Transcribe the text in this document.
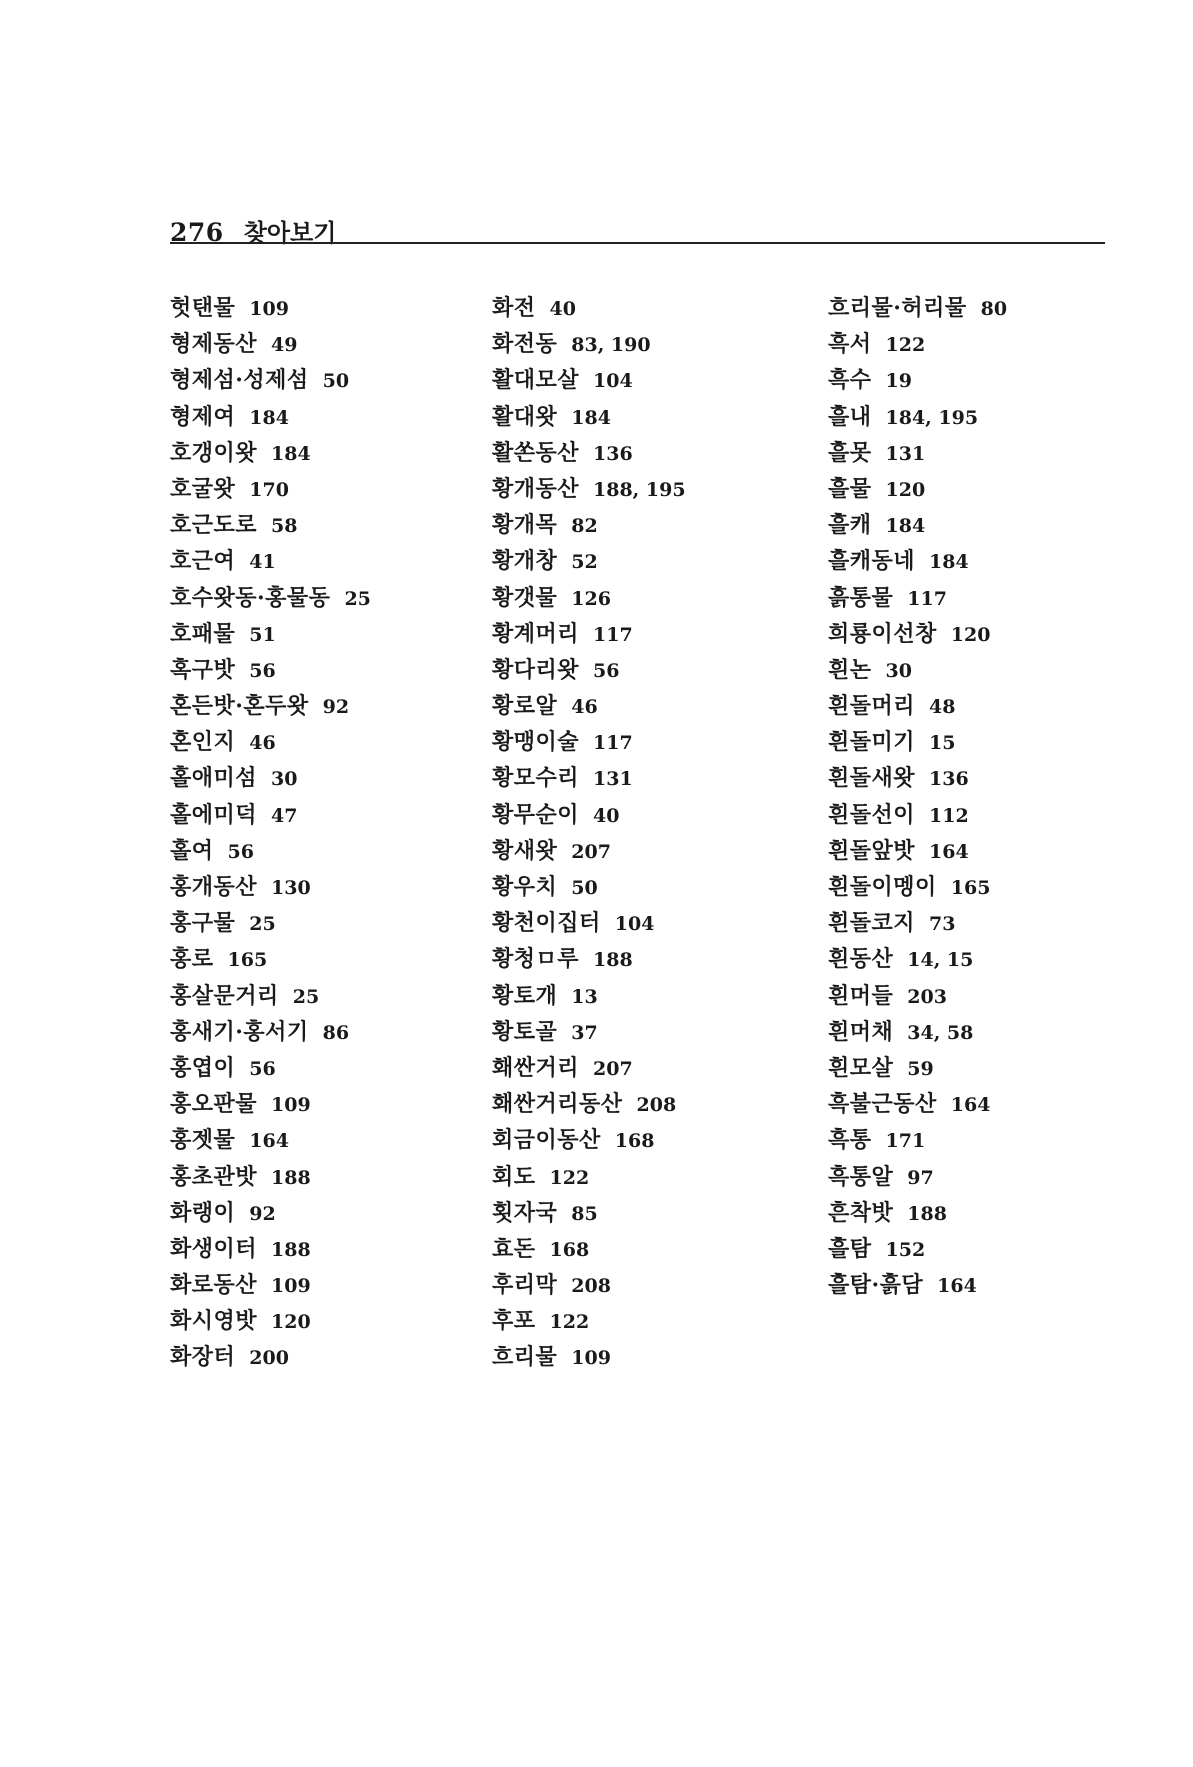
276 찾아보기
헛탠물 109
형제동산 49
형제섬·성제섬 50
형제여 184
호갱이왓 184
호굴왓 170
호근도로 58
호근여 41
호수왓동·홍물동 25
호패물 51
혹구밧 56
혼든밧·혼두왓 92
혼인지 46
홀애미섬 30
홀에미덕 47
홀여 56
홍개동산 130
홍구물 25
홍로 165
홍살문거리 25
홍새기·홍서기 86
홍엽이 56
홍오판물 109
홍젯물 164
홍초관밧 188
화랭이 92
화생이터 188
화로동산 109
화시영밧 120
화장터 200
화전 40
화전동 83, 190
활대모살 104
활대왓 184
활쏜동산 136
황개동산 188, 195
황개목 82
황개창 52
황갯물 126
황계머리 117
황다리왓 56
황로알 46
황맹이술 117
황모수리 131
황무순이 40
황새왓 207
황우치 50
황천이집터 104
황청ㅁ루 188
황토개 13
황토골 37
홰싼거리 207
홰싼거리동산 208
회금이동산 168
회도 122
횟자국 85
효돈 168
후리막 208
후포 122
흐리물 109
흐리물·허리물 80
흑서 122
흑수 19
흘내 184, 195
흘못 131
흘물 120
흘캐 184
흘캐동네 184
흙통물 117
희룡이선창 120
흰논 30
흰돌머리 48
흰돌미기 15
흰돌새왓 136
흰돌선이 112
흰돌앞밧 164
흰돌이멩이 165
흰돌코지 73
흰동산 14, 15
흰머들 203
흰머채 34, 58
흰모살 59
흑불근동산 164
흑통 171
흑통알 97
흔착밧 188
흘탐 152
흘탐·흙담 164
